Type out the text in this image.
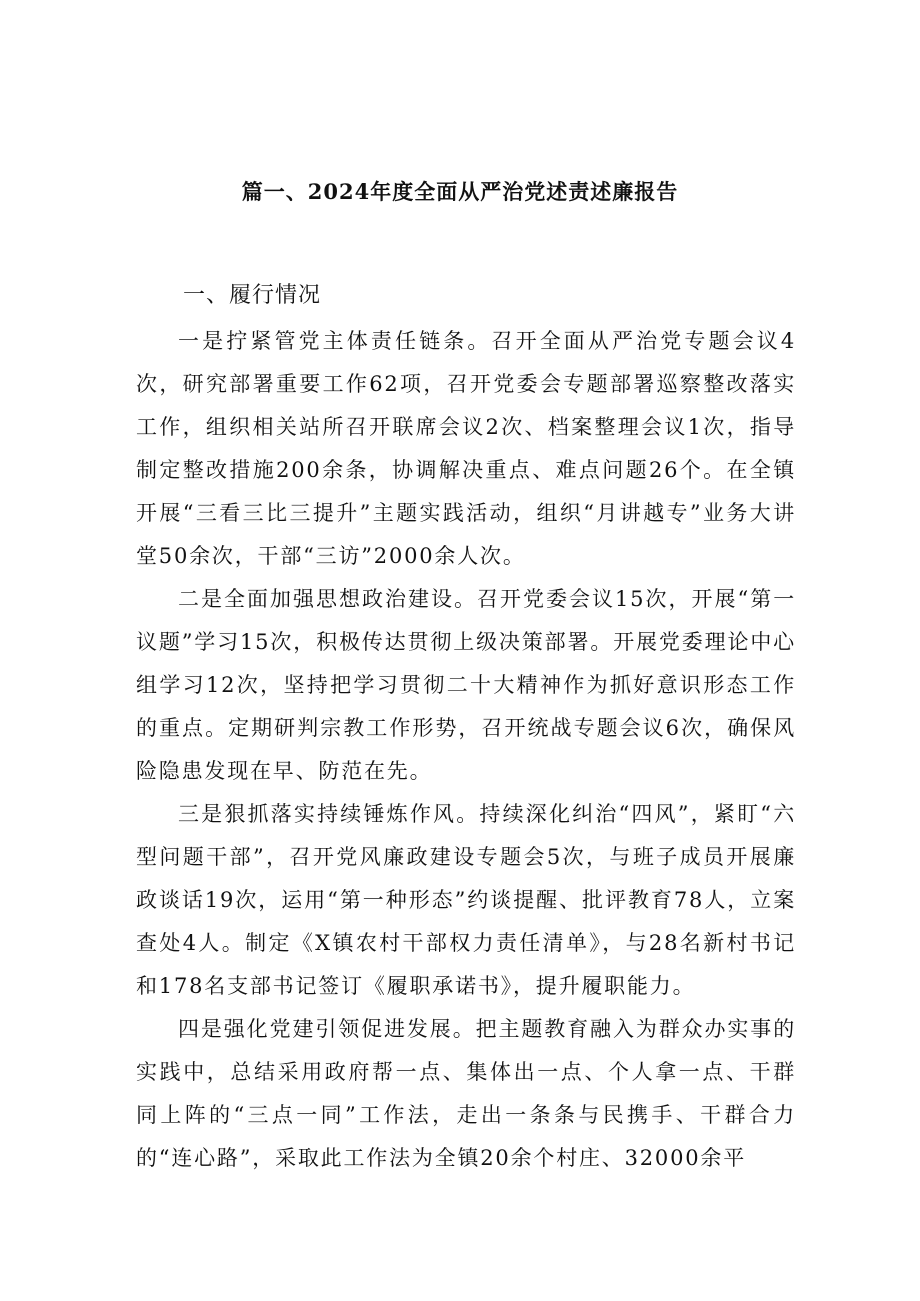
篇一、2024年度全面从严治党述责述廉报告
一、履行情况

一是拧紧管党主体责任链条。召开全面从严治党专题会议4次，研究部署重要工作62项，召开党委会专题部署巡察整改落实工作，组织相关站所召开联席会议2次、档案整理会议1次，指导制定整改措施200余条，协调解决重点、难点问题26个。在全镇开展“三看三比三提升”主题实践活动，组织“月讲越专”业务大讲堂50余次，干部“三访”2000余人次。

二是全面加强思想政治建设。召开党委会议15次，开展“第一议题”学习15次，积极传达贯彻上级决策部署。开展党委理论中心组学习12次，坚持把学习贯彻二十大精神作为抓好意识形态工作的重点。定期研判宗教工作形势，召开统战专题会议6次，确保风险隐患发现在早、防范在先。

三是狠抓落实持续锤炼作风。持续深化纠治“四风”，紧盯“六型问题干部”，召开党风廉政建设专题会5次，与班子成员开展廉政谈话19次，运用“第一种形态”约谈提醒、批评教育78人，立案查处4人。制定《X镇农村干部权力责任清单》，与28名新村书记和178名支部书记签订《履职承诺书》，提升履职能力。

四是强化党建引领促进发展。把主题教育融入为群众办实事的实践中，总结采用政府帮一点、集体出一点、个人拿一点、干群同上阵的“三点一同”工作法，走出一条条与民携手、干群合力的“连心路”，采取此工作法为全镇20余个村庄、32000余平
